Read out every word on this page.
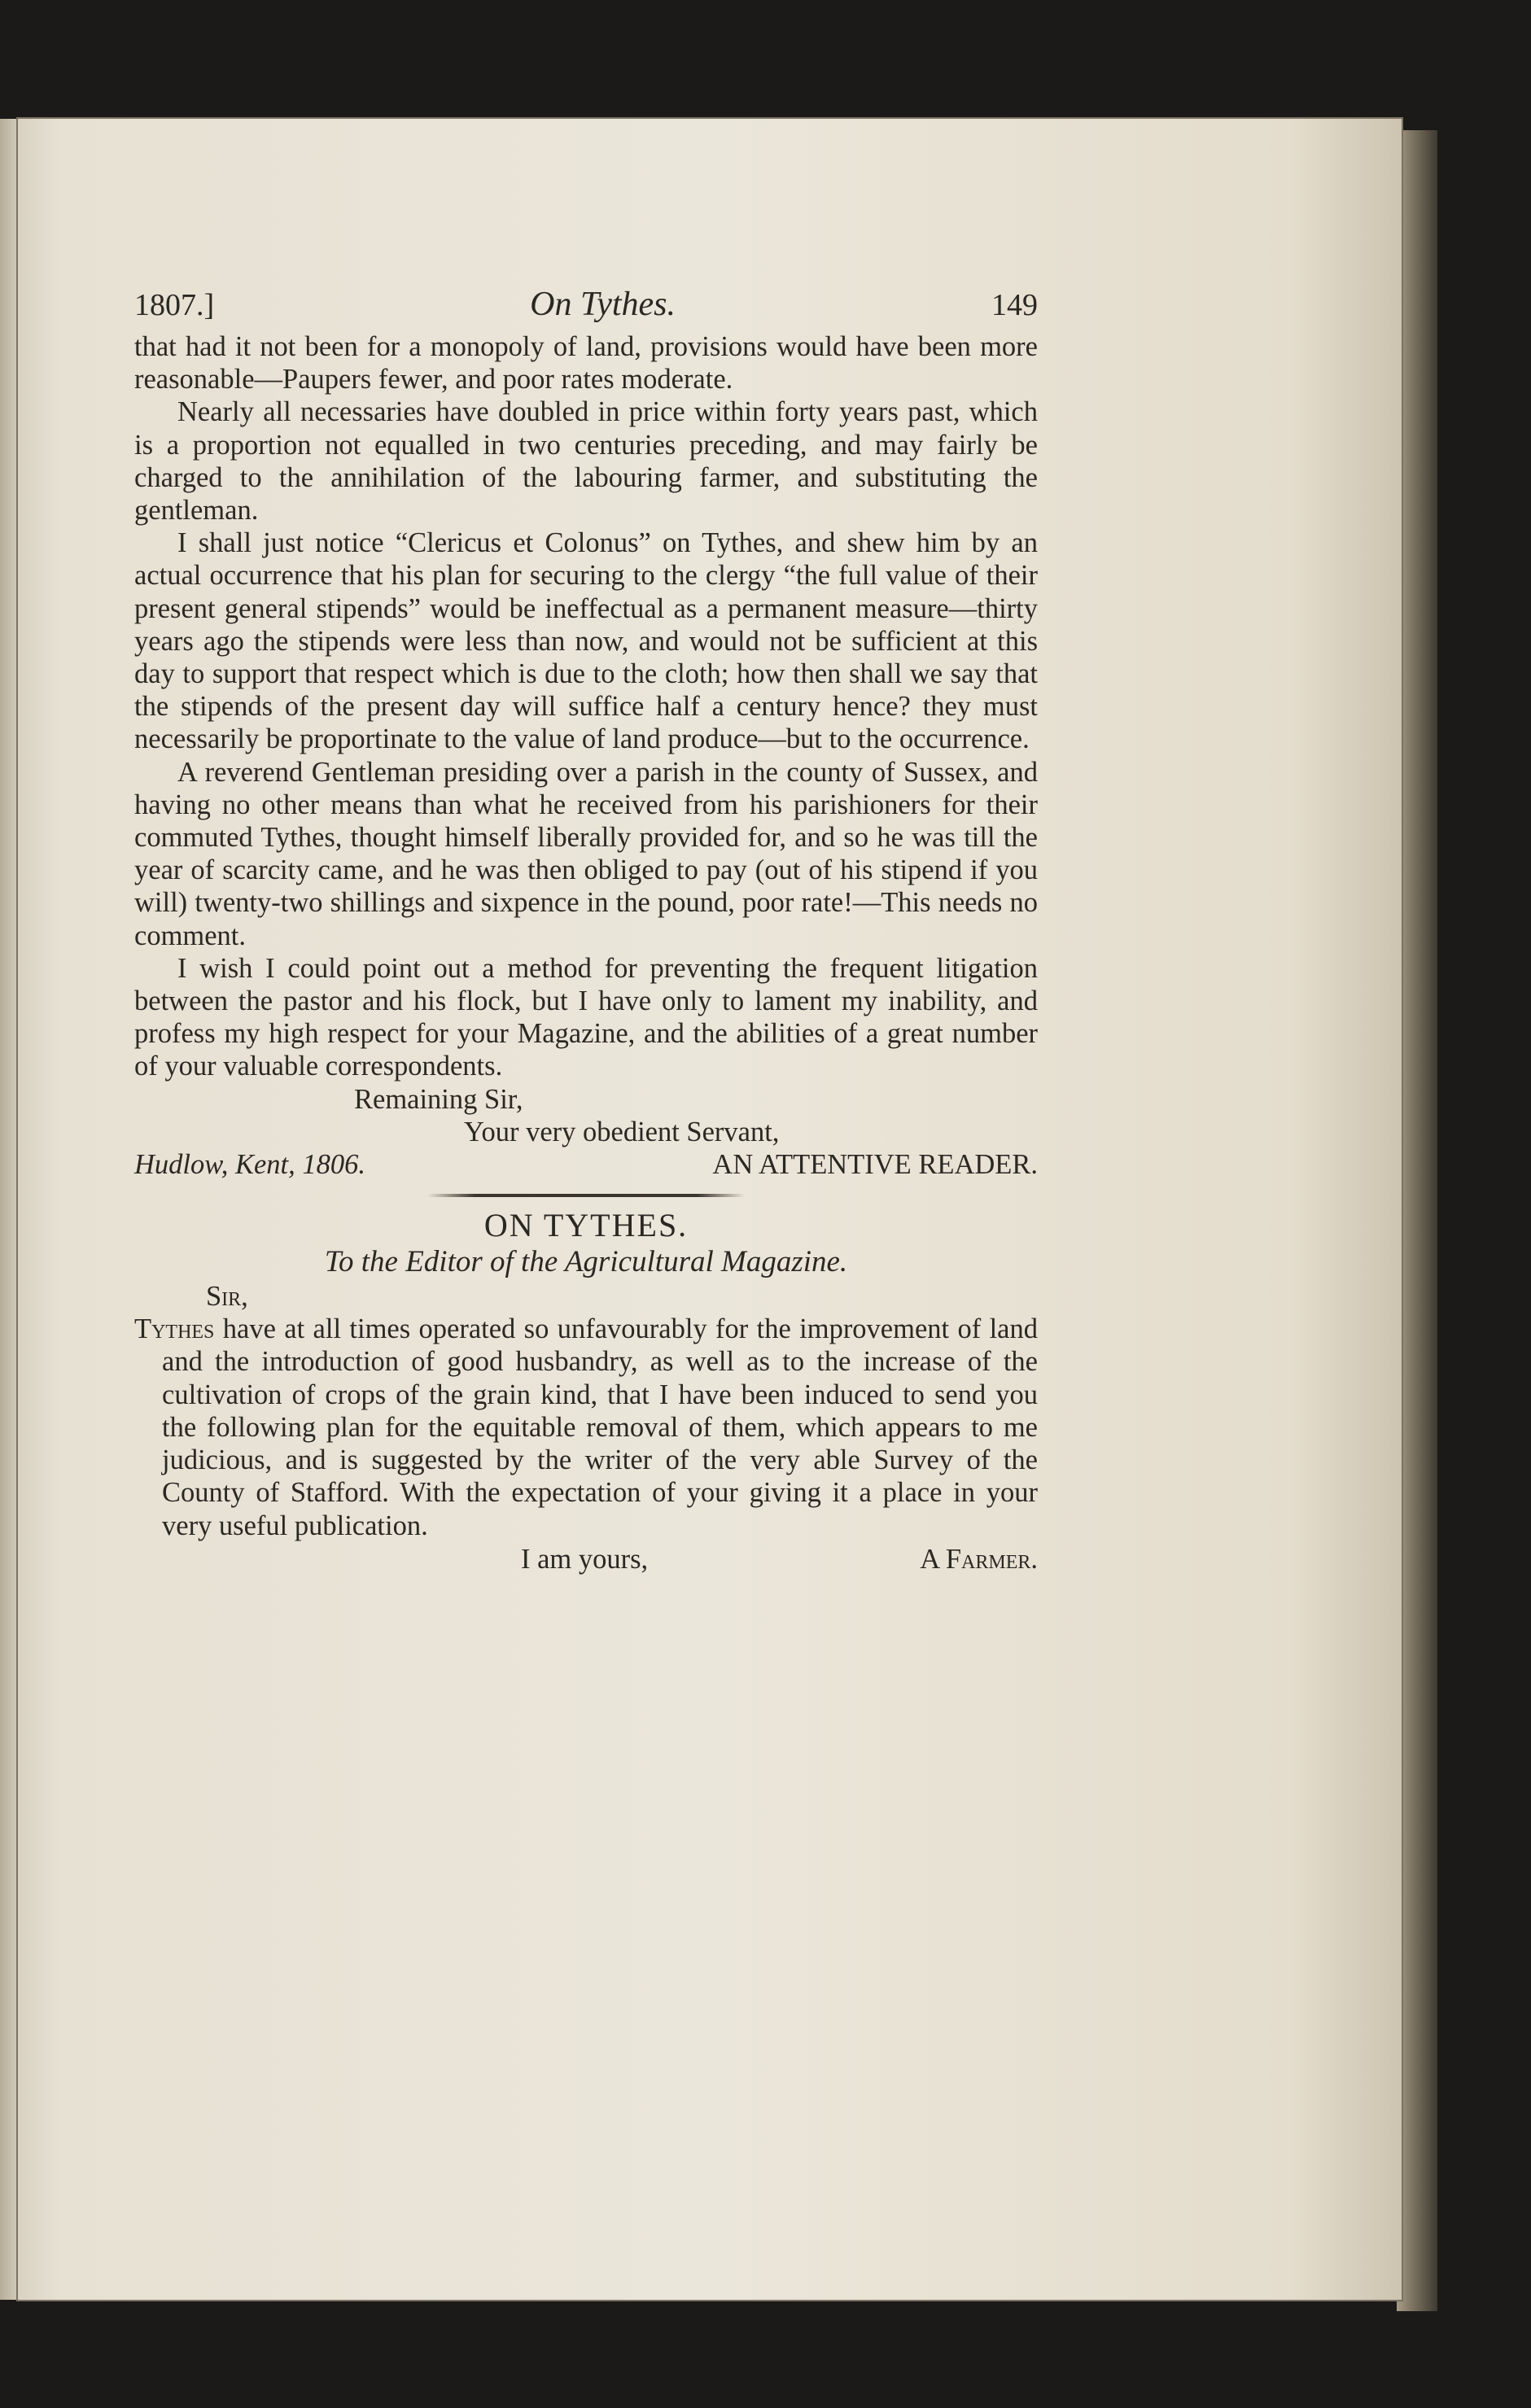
1807.]	On Tythes.	149

that had it not been for a monopoly of land, provisions would have been more reasonable—Paupers fewer, and poor rates moderate.

Nearly all necessaries have doubled in price within forty years past, which is a proportion not equalled in two centuries preceding, and may fairly be charged to the annihilation of the labouring farmer, and substituting the gentleman.

I shall just notice “Clericus et Colonus” on Tythes, and shew him by an actual occurrence that his plan for securing to the clergy “the full value of their present general stipends” would be ineffectual as a permanent measure—thirty years ago the stipends were less than now, and would not be sufficient at this day to support that respect which is due to the cloth; how then shall we say that the stipends of the present day will suffice half a century hence? they must necessarily be proportinate to the value of land produce—but to the occurrence.

A reverend Gentleman presiding over a parish in the county of Sussex, and having no other means than what he received from his parishioners for their commuted Tythes, thought himself liberally provided for, and so he was till the year of scarcity came, and he was then obliged to pay (out of his stipend if you will) twenty-two shillings and sixpence in the pound, poor rate!—This needs no comment.

I wish I could point out a method for preventing the frequent litigation between the pastor and his flock, but I have only to lament my inability, and profess my high respect for your Magazine, and the abilities of a great number of your valuable correspondents.

Remaining Sir,
Your very obedient Servant,
Hudlow, Kent, 1806.	AN ATTENTIVE READER.
ON TYTHES.
To the Editor of the Agricultural Magazine.
Sir,

Tythes have at all times operated so unfavourably for the improvement of land and the introduction of good husbandry, as well as to the increase of the cultivation of crops of the grain kind, that I have been induced to send you the following plan for the equitable removal of them, which appears to me judicious, and is suggested by the writer of the very able Survey of the County of Stafford. With the expectation of your giving it a place in your very useful publication.

I am yours,	A Farmer.
